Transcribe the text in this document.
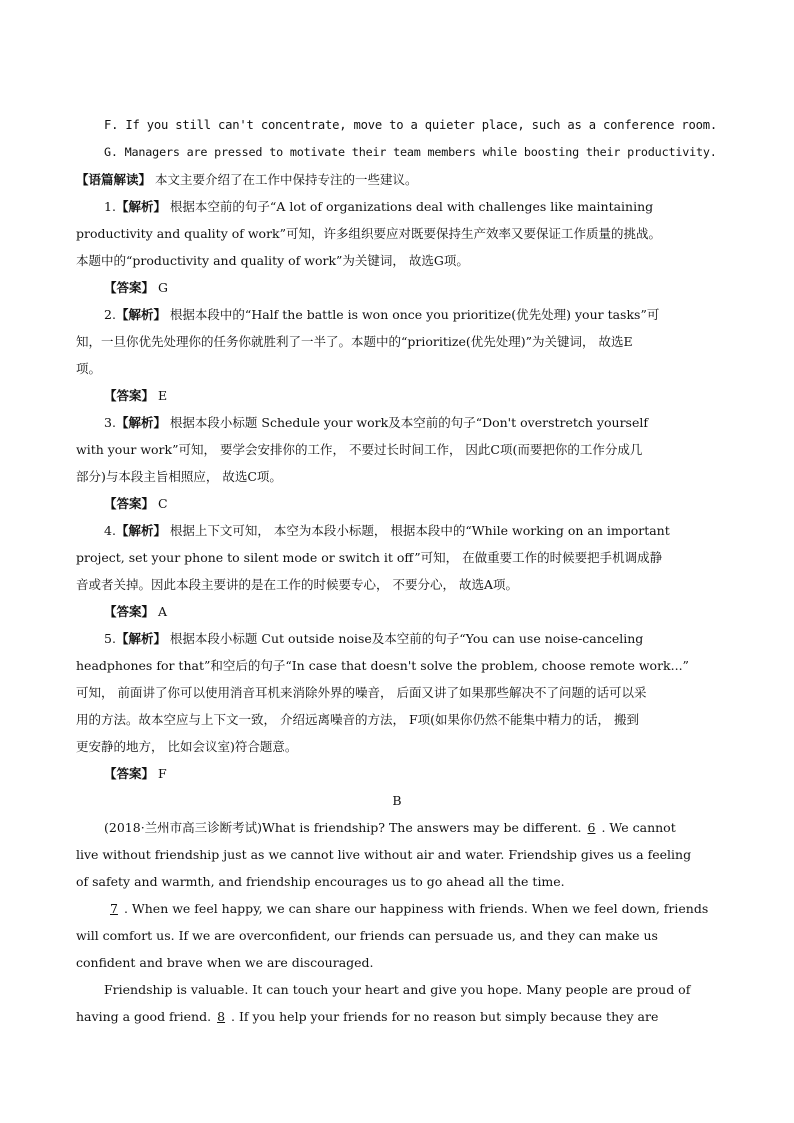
F. If you still can't concentrate, move to a quieter place, such as a conference room.

G. Managers are pressed to motivate their team members while boosting their productivity.

【语篇解读】 本文主要介绍了在工作中保持专注的一些建议。

1.【解析】 根据本空前的句子“A lot of organizations deal with challenges like maintaining

productivity and quality of work”可知，许多组织要应对既要保持生产效率又要保证工作质量的挑战。

本题中的“productivity and quality of work”为关键词， 故选G项。

【答案】 G

2.【解析】 根据本段中的“Half the battle is won once you prioritize(优先处理) your tasks”可

知，一旦你优先处理你的任务你就胜利了一半了。本题中的“prioritize(优先处理)”为关键词， 故选E

项。

【答案】 E

3.【解析】 根据本段小标题 Schedule your work及本空前的句子“Don't overstretch yourself

with your work”可知， 要学会安排你的工作， 不要过长时间工作， 因此C项(而要把你的工作分成几

部分)与本段主旨相照应， 故选C项。

【答案】 C

4.【解析】 根据上下文可知， 本空为本段小标题， 根据本段中的“While working on an important

project, set your phone to silent mode or switch it off”可知， 在做重要工作的时候要把手机调成静

音或者关掉。因此本段主要讲的是在工作的时候要专心， 不要分心， 故选A项。

【答案】 A

5.【解析】 根据本段小标题 Cut outside noise及本空前的句子“You can use noise-canceling

headphones for that”和空后的句子“In case that doesn't solve the problem, choose remote work...”

可知， 前面讲了你可以使用消音耳机来消除外界的噪音， 后面又讲了如果那些解决不了问题的话可以采

用的方法。故本空应与上下文一致， 介绍远离噪音的方法， F项(如果你仍然不能集中精力的话， 搬到

更安静的地方， 比如会议室)符合题意。

【答案】 F

B

(2018·兰州市高三诊断考试)What is friendship? The answers may be different. 6 . We cannot

live without friendship just as we cannot live without air and water. Friendship gives us a feeling

of safety and warmth, and friendship encourages us to go ahead all the time.

7 . When we feel happy, we can share our happiness with friends. When we feel down, friends

will comfort us. If we are overconfident, our friends can persuade us, and they can make us

confident and brave when we are discouraged.

Friendship is valuable. It can touch your heart and give you hope. Many people are proud of

having a good friend. 8 . If you help your friends for no reason but simply because they are
